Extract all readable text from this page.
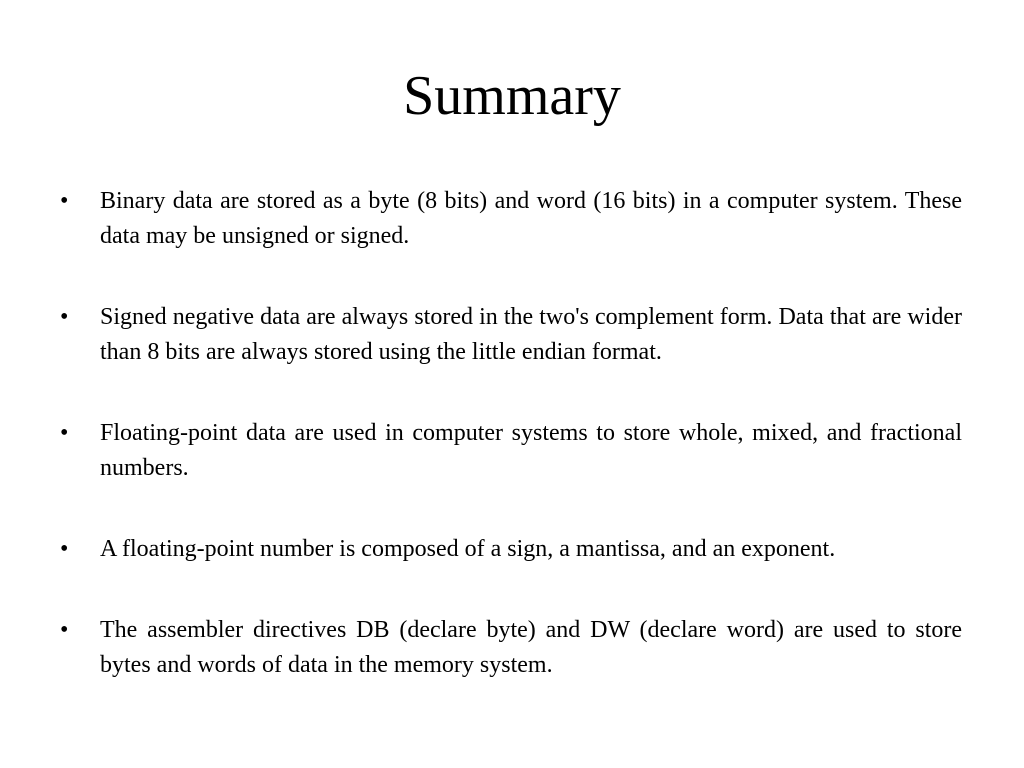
Summary
•	Binary data are stored as a byte (8 bits) and word (16 bits) in a computer system. These data may be unsigned or signed.
•	Signed negative data are always stored in the two's complement form. Data that are wider than 8 bits are always stored using the little endian format.
•	Floating-point data are used in computer systems to store whole, mixed, and fractional numbers.
•	A floating-point number is composed of a sign, a mantissa, and an exponent.
•	The assembler directives DB (declare byte) and DW (declare word) are used to store bytes and words of data in the memory system.
